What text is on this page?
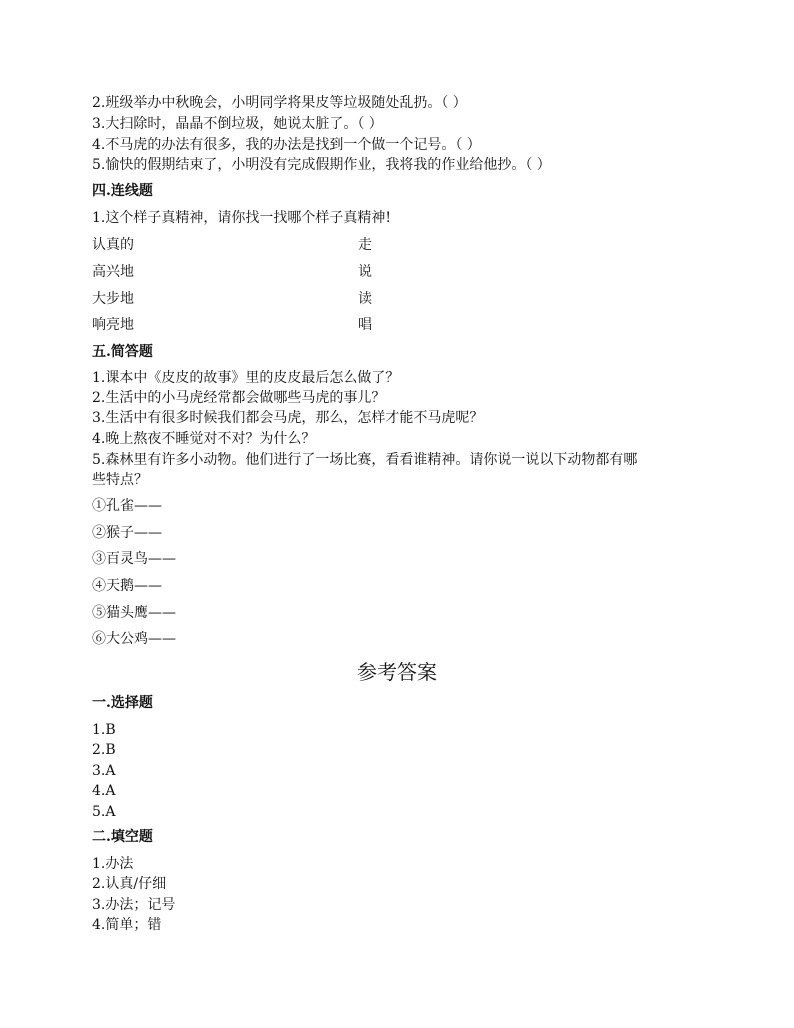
2.班级举办中秋晚会，小明同学将果皮等垃圾随处乱扔。（ ）
3.大扫除时，晶晶不倒垃圾，她说太脏了。（ ）
4.不马虎的办法有很多，我的办法是找到一个做一个记号。（ ）
5.愉快的假期结束了，小明没有完成假期作业，我将我的作业给他抄。（ ）
四.连线题
1.这个样子真精神，请你找一找哪个样子真精神!
认真的	走
高兴地	说
大步地	读
响亮地	唱
五.简答题
1.课本中《皮皮的故事》里的皮皮最后怎么做了？
2.生活中的小马虎经常都会做哪些马虎的事儿？
3.生活中有很多时候我们都会马虎，那么，怎样才能不马虎呢？
4.晚上熬夜不睡觉对不对？为什么？
5.森林里有许多小动物。他们进行了一场比赛，看看谁精神。请你说一说以下动物都有哪
些特点？
①孔雀——
②猴子——
③百灵鸟——
④天鹅——
⑤猫头鹰——
⑥大公鸡——
参考答案
一.选择题
1.B
2.B
3.A
4.A
5.A
二.填空题
1.办法
2.认真/仔细
3.办法；记号
4.简单；错
